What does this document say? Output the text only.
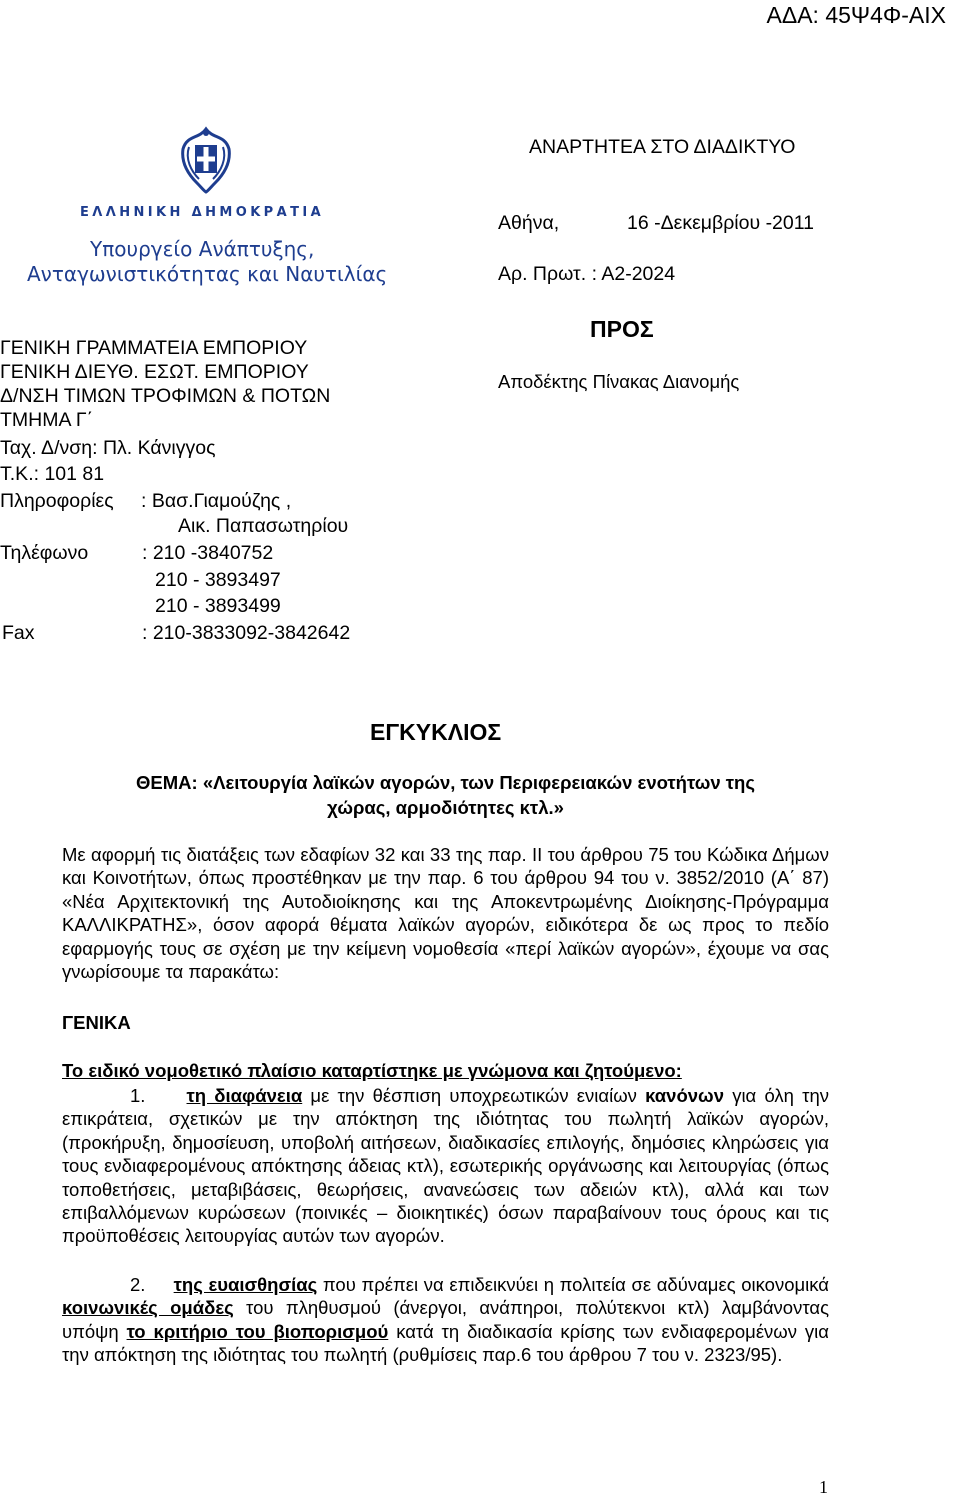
ΑΔΑ: 45Ψ4Φ-ΑΙΧ
ΕΛΛΗΝΙΚΗ ΔΗΜΟΚΡΑΤΙΑ
Υπουργείο Ανάπτυξης,
Ανταγωνιστικότητας και Ναυτιλίας
ΑΝΑΡΤΗΤΕΑ ΣΤΟ ΔΙΑΔΙΚΤΥΟ
Αθήνα,	16 -Δεκεμβρίου -2011
Αρ. Πρωτ. : Α2-2024
ΠΡΟΣ
Αποδέκτης Πίνακας Διανομής
ΓΕΝΙΚΗ ΓΡΑΜΜΑΤΕΙΑ ΕΜΠΟΡΙΟΥ
ΓΕΝΙΚΗ ΔΙΕΥΘ. ΕΣΩΤ. ΕΜΠΟΡΙΟΥ
Δ/ΝΣΗ ΤΙΜΩΝ ΤΡΟΦΙΜΩΝ & ΠΟΤΩΝ
ΤΜΗΜΑ Γ΄
Ταχ. Δ/νση: Πλ. Κάνιγγος
Τ.Κ.: 101 81
Πληροφορίες : Βασ.Γιαμούζης ,
Αικ. Παπασωτηρίου
Τηλέφωνο	: 210 -3840752
210 - 3893497
210 - 3893499
Fax	: 210-3833092-3842642
ΕΓΚΥΚΛΙΟΣ
ΘΕΜΑ: «Λειτουργία λαϊκών αγορών, των Περιφερειακών ενοτήτων της
χώρας, αρμοδιότητες κτλ.»
Με αφορμή τις διατάξεις των εδαφίων 32 και 33 της παρ. ΙΙ του άρθρου 75 του Κώδικα Δήμων και Κοινοτήτων, όπως προστέθηκαν με την παρ. 6 του άρθρου 94 του ν. 3852/2010 (Α΄ 87) «Νέα Αρχιτεκτονική της Αυτοδιοίκησης και της Αποκεντρωμένης Διοίκησης-Πρόγραμμα ΚΑΛΛΙΚΡΑΤΗΣ», όσον αφορά θέματα λαϊκών αγορών, ειδικότερα δε ως προς το πεδίο εφαρμογής τους σε σχέση με την κείμενη νομοθεσία «περί λαϊκών αγορών», έχουμε να σας γνωρίσουμε τα παρακάτω:
ΓΕΝΙΚΑ
Το ειδικό νομοθετικό πλαίσιο καταρτίστηκε με γνώμονα και ζητούμενο:
1. τη διαφάνεια με την θέσπιση υποχρεωτικών ενιαίων κανόνων για όλη την επικράτεια, σχετικών με την απόκτηση της ιδιότητας του πωλητή λαϊκών αγορών, (προκήρυξη, δημοσίευση, υποβολή αιτήσεων, διαδικασίες επιλογής, δημόσιες κληρώσεις για τους ενδιαφερομένους απόκτησης άδειας κτλ), εσωτερικής οργάνωσης και λειτουργίας (όπως τοποθετήσεις, μεταβιβάσεις, θεωρήσεις, ανανεώσεις των αδειών κτλ), αλλά και των επιβαλλόμενων κυρώσεων (ποινικές – διοικητικές) όσων παραβαίνουν τους όρους και τις προϋποθέσεις λειτουργίας αυτών των αγορών.
2. της ευαισθησίας που πρέπει να επιδεικνύει η πολιτεία σε αδύναμες οικονομικά κοινωνικές ομάδες του πληθυσμού (άνεργοι, ανάπηροι, πολύτεκνοι κτλ) λαμβάνοντας υπόψη το κριτήριο του βιοπορισμού κατά τη διαδικασία κρίσης των ενδιαφερομένων για την απόκτηση της ιδιότητας του πωλητή (ρυθμίσεις παρ.6 του άρθρου 7 του ν. 2323/95).
1
